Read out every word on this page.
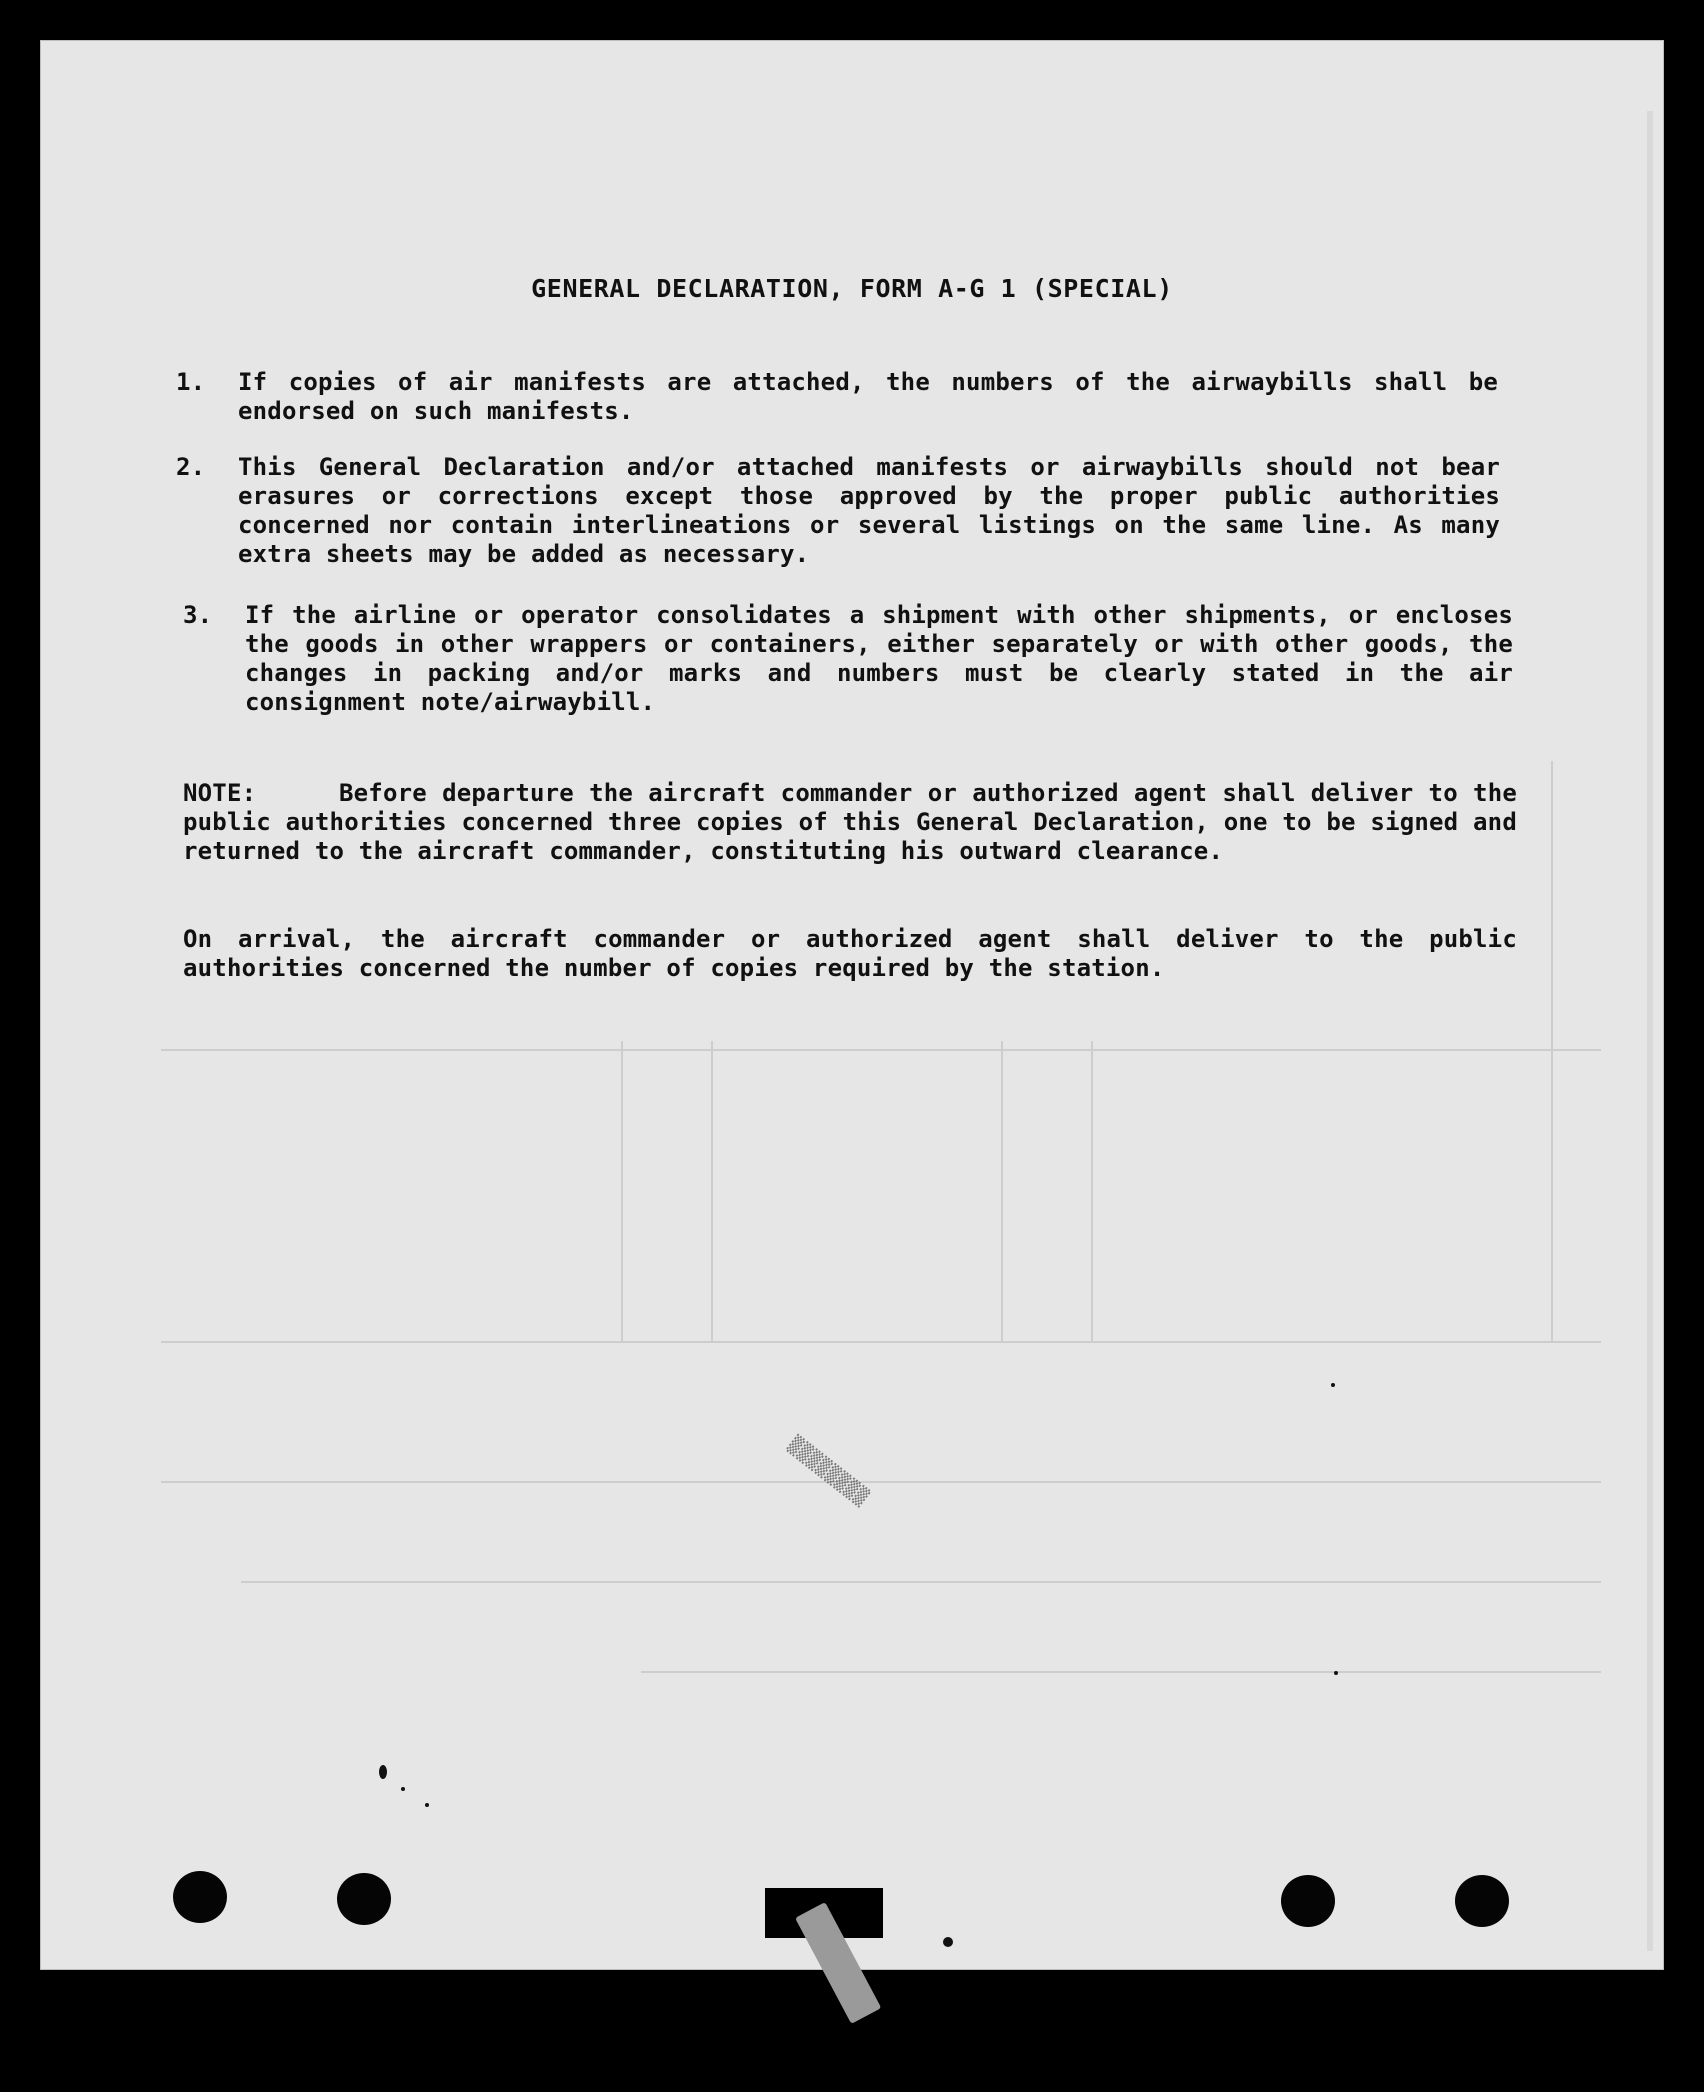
▒▒▒▒▒▒▒▒
GENERAL DECLARATION, FORM A-G 1 (SPECIAL)
1.	If copies of air manifests are attached, the numbers of the airwaybills shall be endorsed on such manifests.
2.	This General Declaration and/or attached manifests or airwaybills should not bear erasures or corrections except those approved by the proper public authorities concerned nor contain interlineations or several listings on the same line. As many extra sheets may be added as necessary.
3.	If the airline or operator consolidates a shipment with other shipments, or encloses the goods in other wrappers or containers, either separately or with other goods, the changes in packing and/or marks and numbers must be clearly stated in the air consignment note/airwaybill.
NOTE:	Before departure the aircraft commander or authorized agent shall deliver to the public authorities concerned three copies of this General Declaration, one to be signed and returned to the aircraft commander, constituting his outward clearance.
On arrival, the aircraft commander or authorized agent shall deliver to the public authorities concerned the number of copies required by the station.
